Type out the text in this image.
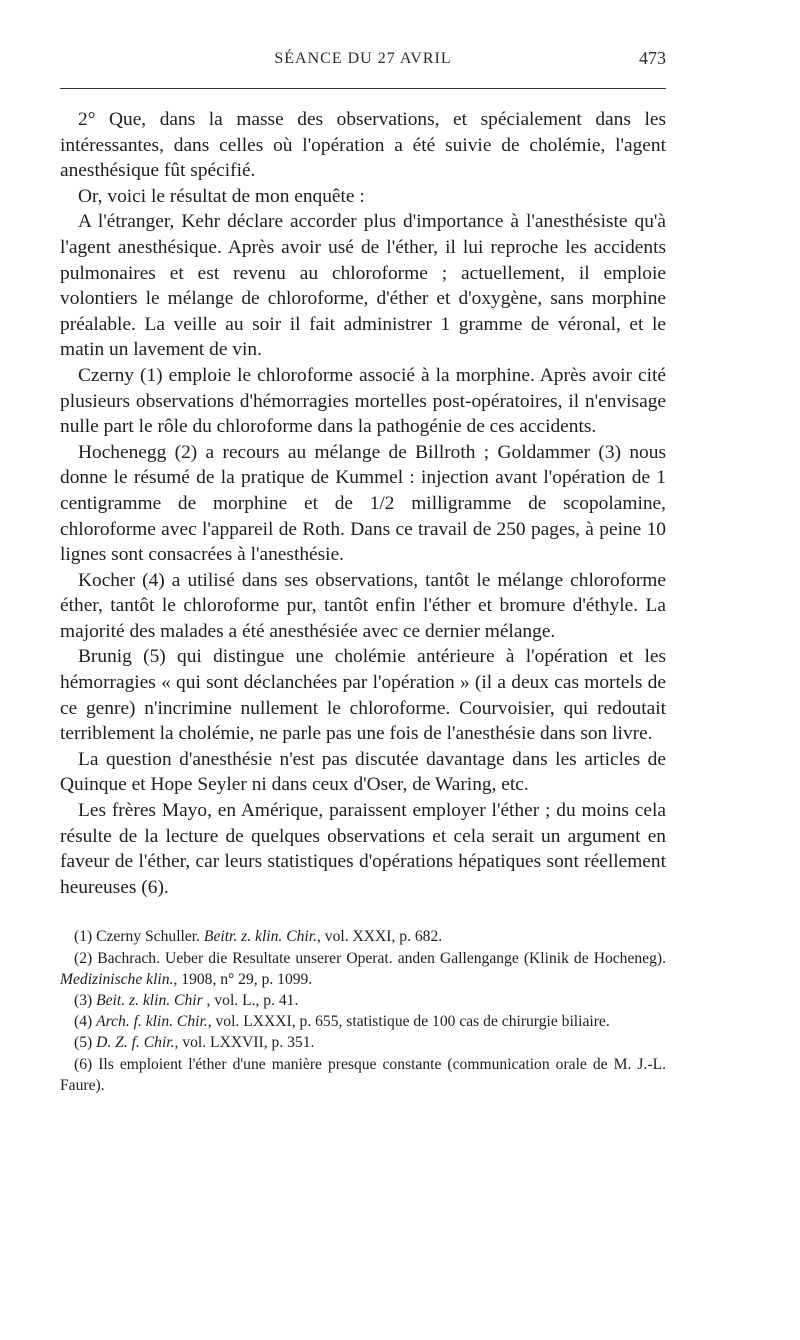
SÉANCE DU 27 AVRIL	473

2° Que, dans la masse des observations, et spécialement dans les intéressantes, dans celles où l'opération a été suivie de cholémie, l'agent anesthésique fût spécifié.

Or, voici le résultat de mon enquête :

A l'étranger, Kehr déclare accorder plus d'importance à l'anesthésiste qu'à l'agent anesthésique. Après avoir usé de l'éther, il lui reproche les accidents pulmonaires et est revenu au chloroforme ; actuellement, il emploie volontiers le mélange de chloroforme, d'éther et d'oxygène, sans morphine préalable. La veille au soir il fait administrer 1 gramme de véronal, et le matin un lavement de vin.

Czerny (1) emploie le chloroforme associé à la morphine. Après avoir cité plusieurs observations d'hémorragies mortelles post-opératoires, il n'envisage nulle part le rôle du chloroforme dans la pathogénie de ces accidents.

Hochenegg (2) a recours au mélange de Billroth ; Goldammer (3) nous donne le résumé de la pratique de Kummel : injection avant l'opération de 1 centigramme de morphine et de 1/2 milligramme de scopolamine, chloroforme avec l'appareil de Roth. Dans ce travail de 250 pages, à peine 10 lignes sont consacrées à l'anesthésie.

Kocher (4) a utilisé dans ses observations, tantôt le mélange chloroforme éther, tantôt le chloroforme pur, tantôt enfin l'éther et bromure d'éthyle. La majorité des malades a été anesthésiée avec ce dernier mélange.

Brunig (5) qui distingue une cholémie antérieure à l'opération et les hémorragies « qui sont déclanchées par l'opération » (il a deux cas mortels de ce genre) n'incrimine nullement le chloroforme. Courvoisier, qui redoutait terriblement la cholémie, ne parle pas une fois de l'anesthésie dans son livre.

La question d'anesthésie n'est pas discutée davantage dans les articles de Quinque et Hope Seyler ni dans ceux d'Oser, de Waring, etc.

Les frères Mayo, en Amérique, paraissent employer l'éther ; du moins cela résulte de la lecture de quelques observations et cela serait un argument en faveur de l'éther, car leurs statistiques d'opérations hépatiques sont réellement heureuses (6).

(1) Czerny Schuller. Beitr. z. klin. Chir., vol. XXXI, p. 682.

(2) Bachrach. Ueber die Resultate unserer Operat. anden Gallengange (Klinik de Hocheneg). Medizinische klin., 1908, n° 29, p. 1099.

(3) Beit. z. klin. Chir , vol. L., p. 41.

(4) Arch. f. klin. Chir., vol. LXXXI, p. 655, statistique de 100 cas de chirurgie biliaire.

(5) D. Z. f. Chir., vol. LXXVII, p. 351.

(6) Ils emploient l'éther d'une manière presque constante (communication orale de M. J.-L. Faure).
